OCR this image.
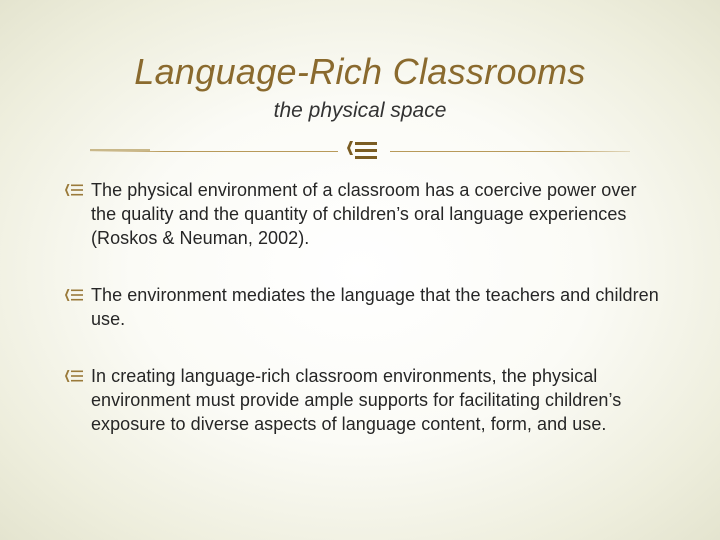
Language-Rich Classrooms
the physical space
The physical environment of a classroom has a coercive power over the quality and the quantity of children’s oral language experiences (Roskos & Neuman, 2002).
The environment mediates the language that the teachers and children use.
In creating language-rich classroom environments, the physical environment must provide ample supports for facilitating children’s exposure to diverse aspects of language content, form, and use.
